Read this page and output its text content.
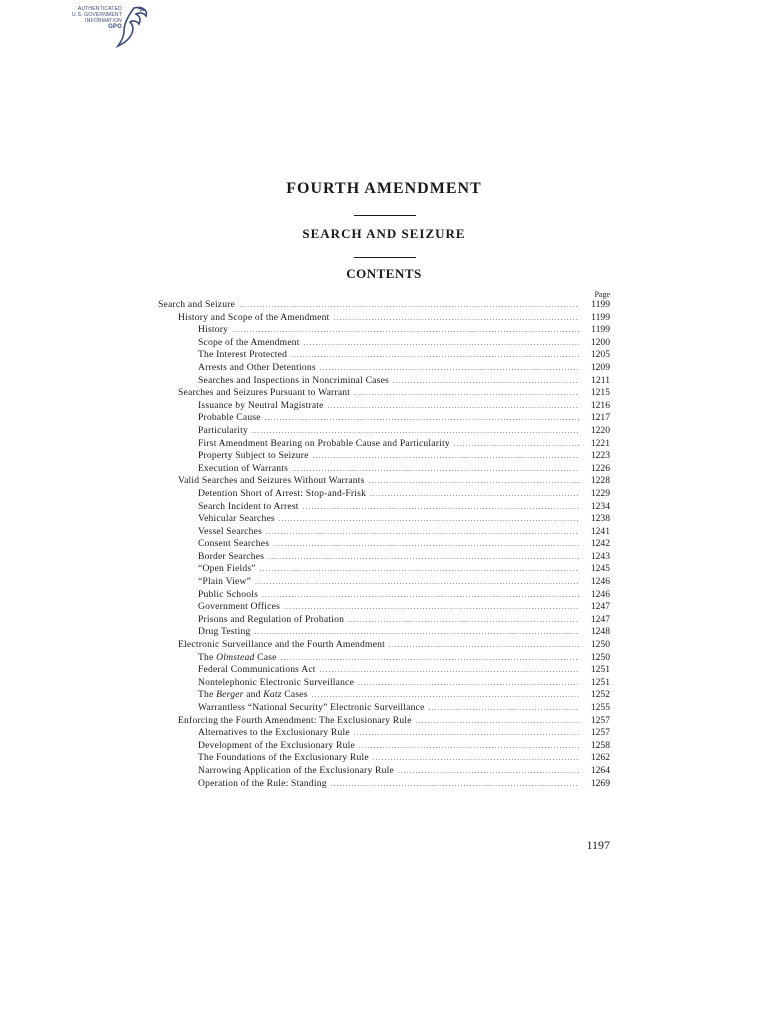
AUTHENTICATED
U.S. GOVERNMENT
INFORMATION
GPO
FOURTH AMENDMENT
SEARCH AND SEIZURE
CONTENTS
Page
Search and Seizure .....	1199
History and Scope of the Amendment .....	1199
History .....	1199
Scope of the Amendment .....	1200
The Interest Protected .....	1205
Arrests and Other Detentions .....	1209
Searches and Inspections in Noncriminal Cases .....	1211
Searches and Seizures Pursuant to Warrant .....	1215
Issuance by Neutral Magistrate .....	1216
Probable Cause .....	1217
Particularity .....	1220
First Amendment Bearing on Probable Cause and Particularity .....	1221
Property Subject to Seizure .....	1223
Execution of Warrants .....	1226
Valid Searches and Seizures Without Warrants .....	1228
Detention Short of Arrest: Stop-and-Frisk .....	1229
Search Incident to Arrest .....	1234
Vehicular Searches .....	1238
Vessel Searches .....	1241
Consent Searches .....	1242
Border Searches .....	1243
“Open Fields” .....	1245
“Plain View” .....	1246
Public Schools .....	1246
Government Offices .....	1247
Prisons and Regulation of Probation .....	1247
Drug Testing .....	1248
Electronic Surveillance and the Fourth Amendment .....	1250
The Olmstead Case .....	1250
Federal Communications Act .....	1251
Nontelephonic Electronic Surveillance .....	1251
The Berger and Katz Cases .....	1252
Warrantless “National Security” Electronic Surveillance .....	1255
Enforcing the Fourth Amendment: The Exclusionary Rule .....	1257
Alternatives to the Exclusionary Rule .....	1257
Development of the Exclusionary Rule .....	1258
The Foundations of the Exclusionary Rule .....	1262
Narrowing Application of the Exclusionary Rule .....	1264
Operation of the Rule: Standing .....	1269
1197
